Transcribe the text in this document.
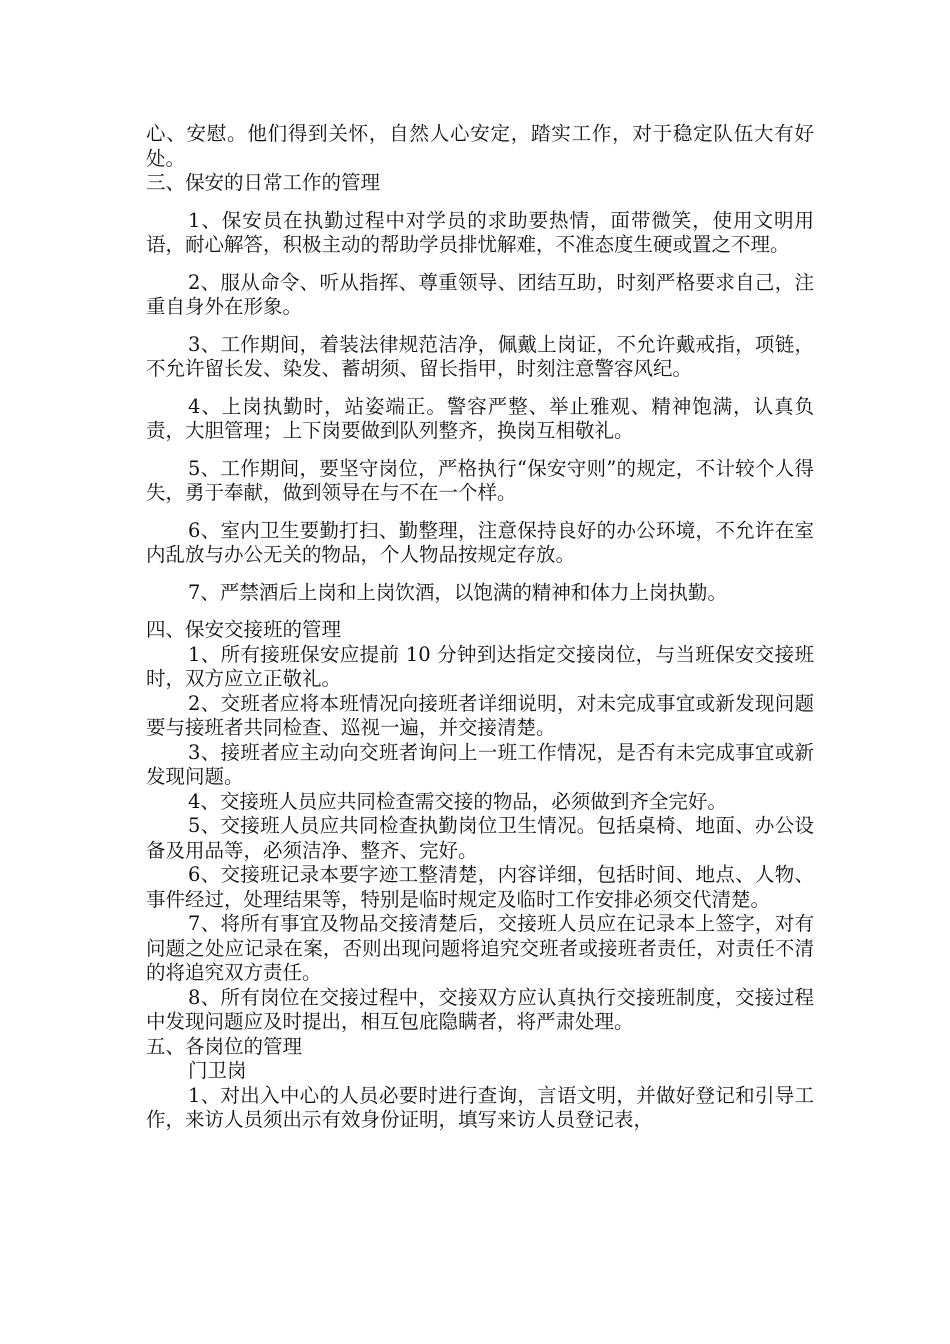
心、安慰。他们得到关怀，自然人心安定，踏实工作，对于稳定队伍大有好处。

三、保安的日常工作的管理

1、保安员在执勤过程中对学员的求助要热情，面带微笑，使用文明用语，耐心解答，积极主动的帮助学员排忧解难，不准态度生硬或置之不理。

2、服从命令、听从指挥、尊重领导、团结互助，时刻严格要求自己，注重自身外在形象。

3、工作期间，着装法律规范洁净，佩戴上岗证，不允许戴戒指，项链，不允许留长发、染发、蓄胡须、留长指甲，时刻注意警容风纪。

4、上岗执勤时，站姿端正。警容严整、举止雅观、精神饱满，认真负责，大胆管理；上下岗要做到队列整齐，换岗互相敬礼。

5、工作期间，要坚守岗位，严格执行“保安守则”的规定，不计较个人得失，勇于奉献，做到领导在与不在一个样。

6、室内卫生要勤打扫、勤整理，注意保持良好的办公环境，不允许在室内乱放与办公无关的物品，个人物品按规定存放。

7、严禁酒后上岗和上岗饮酒，以饱满的精神和体力上岗执勤。

四、保安交接班的管理

1、所有接班保安应提前 10 分钟到达指定交接岗位，与当班保安交接班时，双方应立正敬礼。

2、交班者应将本班情况向接班者详细说明，对未完成事宜或新发现问题要与接班者共同检查、巡视一遍，并交接清楚。

3、接班者应主动向交班者询问上一班工作情况，是否有未完成事宜或新发现问题。

4、交接班人员应共同检查需交接的物品，必须做到齐全完好。

5、交接班人员应共同检查执勤岗位卫生情况。包括桌椅、地面、办公设备及用品等，必须洁净、整齐、完好。

6、交接班记录本要字迹工整清楚，内容详细，包括时间、地点、人物、事件经过，处理结果等，特别是临时规定及临时工作安排必须交代清楚。

7、将所有事宜及物品交接清楚后，交接班人员应在记录本上签字，对有问题之处应记录在案，否则出现问题将追究交班者或接班者责任，对责任不清的将追究双方责任。

8、所有岗位在交接过程中，交接双方应认真执行交接班制度，交接过程中发现问题应及时提出，相互包庇隐瞒者，将严肃处理。

五、各岗位的管理

门卫岗

1、对出入中心的人员必要时进行查询，言语文明，并做好登记和引导工作，来访人员须出示有效身份证明，填写来访人员登记表，
